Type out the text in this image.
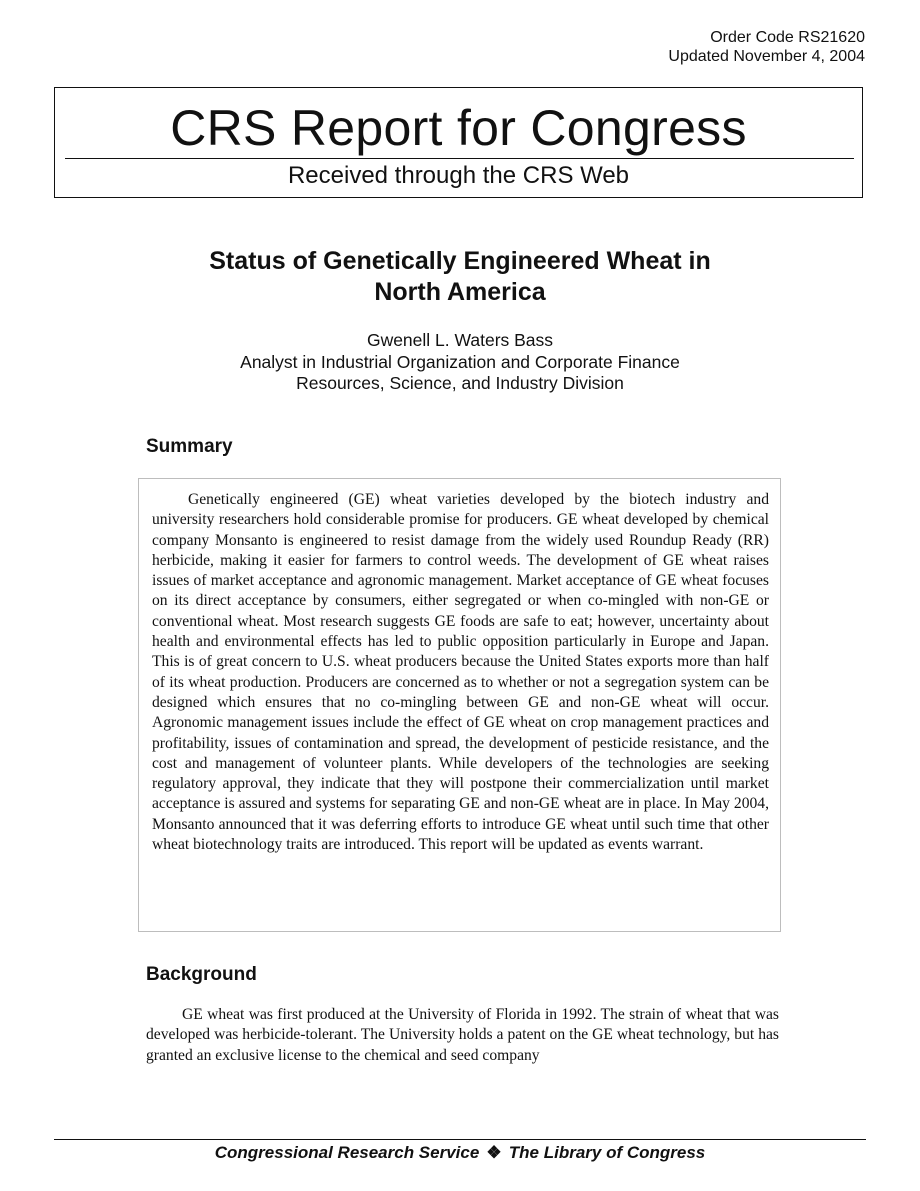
Order Code RS21620
Updated November 4, 2004
CRS Report for Congress
Received through the CRS Web
Status of Genetically Engineered Wheat in
North America
Gwenell L. Waters Bass
Analyst in Industrial Organization and Corporate Finance
Resources, Science, and Industry Division
Summary

Genetically engineered (GE) wheat varieties developed by the biotech industry and university researchers hold considerable promise for producers. GE wheat developed by chemical company Monsanto is engineered to resist damage from the widely used Roundup Ready (RR) herbicide, making it easier for farmers to control weeds. The development of GE wheat raises issues of market acceptance and agronomic management. Market acceptance of GE wheat focuses on its direct acceptance by consumers, either segregated or when co-mingled with non-GE or conventional wheat. Most research suggests GE foods are safe to eat; however, uncertainty about health and environmental effects has led to public opposition particularly in Europe and Japan. This is of great concern to U.S. wheat producers because the United States exports more than half of its wheat production. Producers are concerned as to whether or not a segregation system can be designed which ensures that no co-mingling between GE and non-GE wheat will occur. Agronomic management issues include the effect of GE wheat on crop management practices and profitability, issues of contamination and spread, the development of pesticide resistance, and the cost and management of volunteer plants. While developers of the technologies are seeking regulatory approval, they indicate that they will postpone their commercialization until market acceptance is assured and systems for separating GE and non-GE wheat are in place. In May 2004, Monsanto announced that it was deferring efforts to introduce GE wheat until such time that other wheat biotechnology traits are introduced. This report will be updated as events warrant.

Background

GE wheat was first produced at the University of Florida in 1992. The strain of wheat that was developed was herbicide-tolerant. The University holds a patent on the GE wheat technology, but has granted an exclusive license to the chemical and seed company

Congressional Research Service ❖ The Library of Congress
